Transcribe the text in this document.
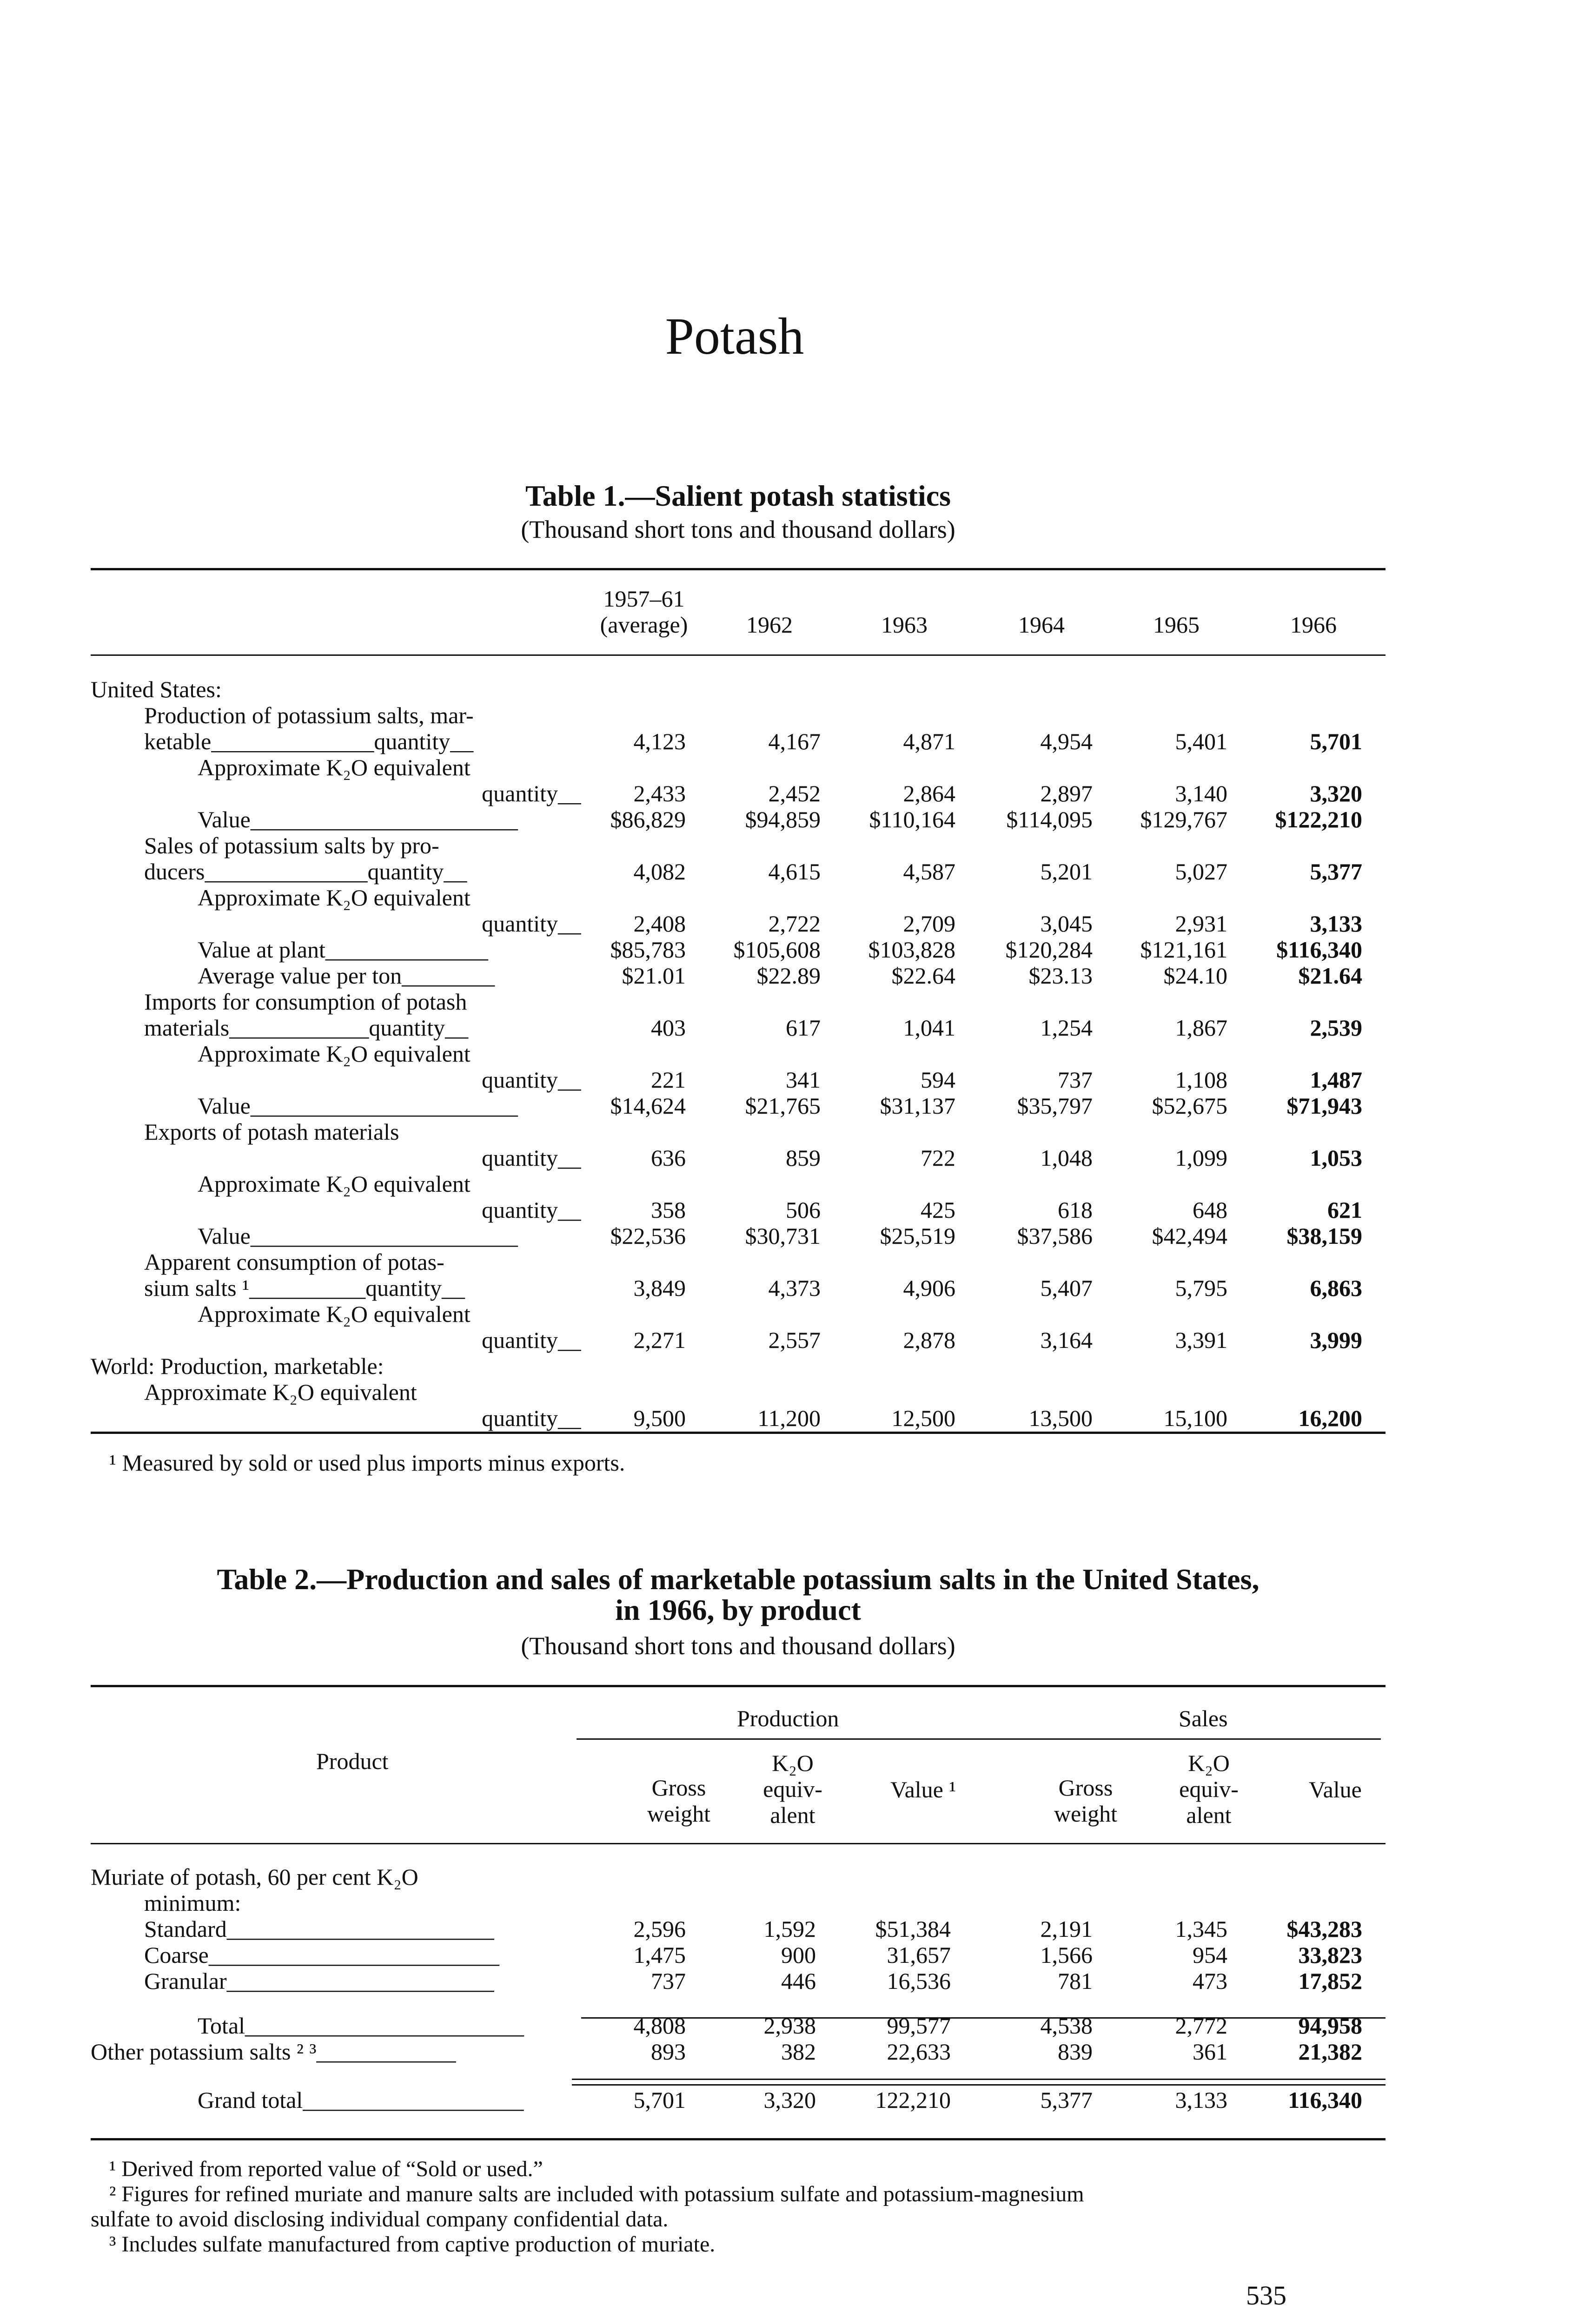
Potash
Table 1.—Salient potash statistics
(Thousand short tons and thousand dollars)
1957–61
(average)	1962	1963	1964	1965	1966
United States:
Production of potassium salts, mar-
ketable______________quantity__	4,123	4,167	4,871	4,954	5,401	5,701
Approximate K₂O equivalent
quantity__	2,433	2,452	2,864	2,897	3,140	3,320
Value_______________________	$86,829	$94,859	$110,164	$114,095	$129,767	$122,210
Sales of potassium salts by pro-
ducers______________quantity__	4,082	4,615	4,587	5,201	5,027	5,377
Approximate K₂O equivalent
quantity__	2,408	2,722	2,709	3,045	2,931	3,133
Value at plant______________	$85,783	$105,608	$103,828	$120,284	$121,161	$116,340
Average value per ton________	$21.01	$22.89	$22.64	$23.13	$24.10	$21.64
Imports for consumption of potash
materials____________quantity__	403	617	1,041	1,254	1,867	2,539
Approximate K₂O equivalent
quantity__	221	341	594	737	1,108	1,487
Value_______________________	$14,624	$21,765	$31,137	$35,797	$52,675	$71,943
Exports of potash materials
quantity__	636	859	722	1,048	1,099	1,053
Approximate K₂O equivalent
quantity__	358	506	425	618	648	621
Value_______________________	$22,536	$30,731	$25,519	$37,586	$42,494	$38,159
Apparent consumption of potas-
sium salts ¹__________quantity__	3,849	4,373	4,906	5,407	5,795	6,863
Approximate K₂O equivalent
quantity__	2,271	2,557	2,878	3,164	3,391	3,999
World: Production, marketable:
Approximate K₂O equivalent
quantity__	9,500	11,200	12,500	13,500	15,100	16,200
¹ Measured by sold or used plus imports minus exports.
Table 2.—Production and sales of marketable potassium salts in the United States,
in 1966, by product
(Thousand short tons and thousand dollars)
Product
Production	Sales
Gross
weight
K₂O
equiv-
alent
Value ¹	Gross
weight
K₂O
equiv-
alent
Value
Muriate of potash, 60 per cent K₂O
minimum:
Standard_______________________	2,596	1,592	$51,384	2,191	1,345	$43,283
Coarse_________________________	1,475	900	31,657	1,566	954	33,823
Granular_______________________	737	446	16,536	781	473	17,852
Total________________________	4,808	2,938	99,577	4,538	2,772	94,958
Other potassium salts ² ³____________	893	382	22,633	839	361	21,382
Grand total___________________	5,701	3,320	122,210	5,377	3,133	116,340
¹ Derived from reported value of “Sold or used.”
² Figures for refined muriate and manure salts are included with potassium sulfate and potassium-magnesium
sulfate to avoid disclosing individual company confidential data.
³ Includes sulfate manufactured from captive production of muriate.
535
